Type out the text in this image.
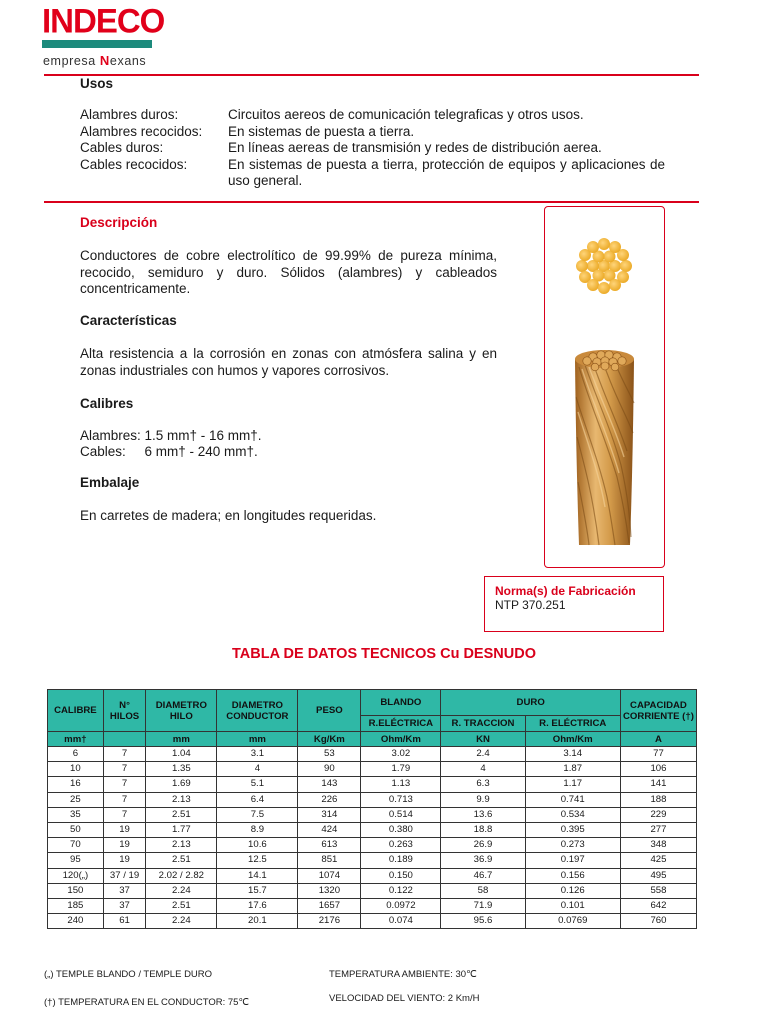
INDECO
empresa Nexans
Usos
Alambres duros:	Circuitos aereos de comunicación telegraficas y otros usos.
Alambres recocidos:	En sistemas de puesta a tierra.
Cables duros:	En líneas aereas de transmisión y redes de distribución aerea.
Cables recocidos:	En sistemas de puesta a tierra, protección de equipos y aplicaciones de uso general.
Descripción
Conductores de cobre electrolítico de 99.99% de pureza mínima, recocido, semiduro y duro. Sólidos (alambres) y cableados concentricamente.
Características
Alta resistencia a la corrosión en zonas con atmósfera salina y en zonas industriales con humos y vapores corrosivos.
Calibres
Alambres: 1.5 mm† - 16 mm†.
Cables:     6 mm† - 240 mm†.
Embalaje
En carretes de madera; en longitudes requeridas.
Norma(s) de Fabricación
NTP 370.251
TABLA DE DATOS TECNICOS Cu DESNUDO
CALIBRE	N° HILOS	DIAMETRO HILO	DIAMETRO CONDUCTOR	PESO	BLANDO	DURO		CAPACIDAD CORRIENTE (†)
					R.ELÉCTRICA	R. TRACCION	R. ELÉCTRICA	
mm†		mm	mm	Kg/Km	Ohm/Km	KN	Ohm/Km	A
6	7	1.04	3.1	53	3.02	2.4	3.14	77
10	7	1.35	4	90	1.79	4	1.87	106
16	7	1.69	5.1	143	1.13	6.3	1.17	141
25	7	2.13	6.4	226	0.713	9.9	0.741	188
35	7	2.51	7.5	314	0.514	13.6	0.534	229
50	19	1.77	8.9	424	0.380	18.8	0.395	277
70	19	2.13	10.6	613	0.263	26.9	0.273	348
95	19	2.51	12.5	851	0.189	36.9	0.197	425
120(„)	37 / 19	2.02 / 2.82	14.1	1074	0.150	46.7	0.156	495
150	37	2.24	15.7	1320	0.122	58	0.126	558
185	37	2.51	17.6	1657	0.0972	71.9	0.101	642
240	61	2.24	20.1	2176	0.074	95.6	0.0769	760
(„) TEMPLE BLANDO / TEMPLE DURO
(†) TEMPERATURA EN EL CONDUCTOR: 75℃
TEMPERATURA AMBIENTE: 30℃
VELOCIDAD DEL VIENTO: 2 Km/H
